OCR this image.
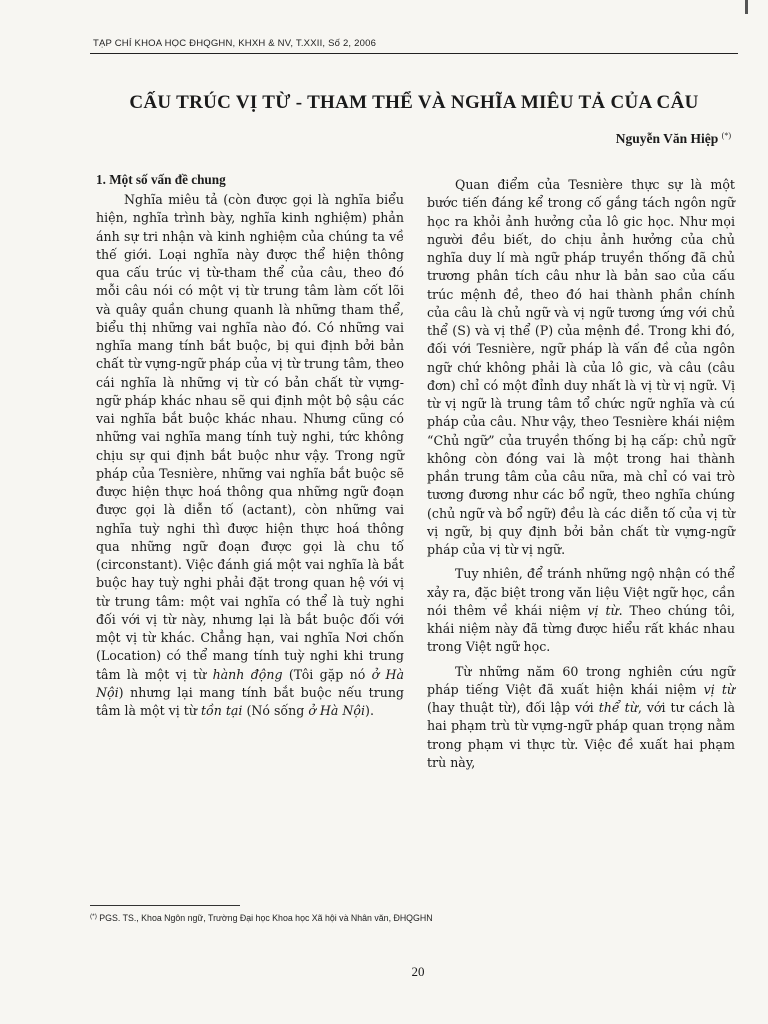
TẠP CHÍ KHOA HỌC ĐHQGHN, KHXH & NV, T.XXII, Số 2, 2006
CẤU TRÚC VỊ TỪ - THAM THỂ VÀ NGHĨA MIÊU TẢ CỦA CÂU
Nguyễn Văn Hiệp (*)
1. Một số vấn đề chung

Nghĩa miêu tả (còn được gọi là nghĩa biểu hiện, nghĩa trình bày, nghĩa kinh nghiệm) phản ánh sự tri nhận và kinh nghiệm của chúng ta về thế giới. Loại nghĩa này được thể hiện thông qua cấu trúc vị từ-tham thể của câu, theo đó mỗi câu nói có một vị từ trung tâm làm cốt lõi và quây quần chung quanh là những tham thể, biểu thị những vai nghĩa nào đó. Có những vai nghĩa mang tính bắt buộc, bị qui định bởi bản chất từ vựng-ngữ pháp của vị từ trung tâm, theo cái nghĩa là những vị từ có bản chất từ vựng-ngữ pháp khác nhau sẽ qui định một bộ sậu các vai nghĩa bắt buộc khác nhau. Nhưng cũng có những vai nghĩa mang tính tuỳ nghi, tức không chịu sự qui định bắt buộc như vậy. Trong ngữ pháp của Tesnière, những vai nghĩa bắt buộc sẽ được hiện thực hoá thông qua những ngữ đoạn được gọi là diễn tố (actant), còn những vai nghĩa tuỳ nghi thì được hiện thực hoá thông qua những ngữ đoạn được gọi là chu tố (circonstant). Việc đánh giá một vai nghĩa là bắt buộc hay tuỳ nghi phải đặt trong quan hệ với vị từ trung tâm: một vai nghĩa có thể là tuỳ nghi đối với vị từ này, nhưng lại là bắt buộc đối với một vị từ khác. Chẳng hạn, vai nghĩa Nơi chốn (Location) có thể mang tính tuỳ nghi khi trung tâm là một vị từ hành động (Tôi gặp nó ở Hà Nội) nhưng lại mang tính bắt buộc nếu trung tâm là một vị từ tồn tại (Nó sống ở Hà Nội).

Quan điểm của Tesnière thực sự là một bước tiến đáng kể trong cố gắng tách ngôn ngữ học ra khỏi ảnh hưởng của lô gic học. Như mọi người đều biết, do chịu ảnh hưởng của chủ nghĩa duy lí mà ngữ pháp truyền thống đã chủ trương phân tích câu như là bản sao của cấu trúc mệnh đề, theo đó hai thành phần chính của câu là chủ ngữ và vị ngữ tương ứng với chủ thể (S) và vị thể (P) của mệnh đề. Trong khi đó, đối với Tesnière, ngữ pháp là vấn đề của ngôn ngữ chứ không phải là của lô gic, và câu (câu đơn) chỉ có một đỉnh duy nhất là vị từ vị ngữ. Vị từ vị ngữ là trung tâm tổ chức ngữ nghĩa và cú pháp của câu. Như vậy, theo Tesnière khái niệm “Chủ ngữ” của truyền thống bị hạ cấp: chủ ngữ không còn đóng vai là một trong hai thành phần trung tâm của câu nữa, mà chỉ có vai trò tương đương như các bổ ngữ, theo nghĩa chúng (chủ ngữ và bổ ngữ) đều là các diễn tố của vị từ vị ngữ, bị quy định bởi bản chất từ vựng-ngữ pháp của vị từ vị ngữ.

Tuy nhiên, để tránh những ngộ nhận có thể xảy ra, đặc biệt trong văn liệu Việt ngữ học, cần nói thêm về khái niệm vị từ. Theo chúng tôi, khái niệm này đã từng được hiểu rất khác nhau trong Việt ngữ học.

Từ những năm 60 trong nghiên cứu ngữ pháp tiếng Việt đã xuất hiện khái niệm vị từ (hay thuật từ), đối lập với thể từ, với tư cách là hai phạm trù từ vựng-ngữ pháp quan trọng nằm trong phạm vi thực từ. Việc đề xuất hai phạm trù này,

(*) PGS. TS., Khoa Ngôn ngữ, Trường Đại học Khoa học Xã hội và Nhân văn, ĐHQGHN
20
